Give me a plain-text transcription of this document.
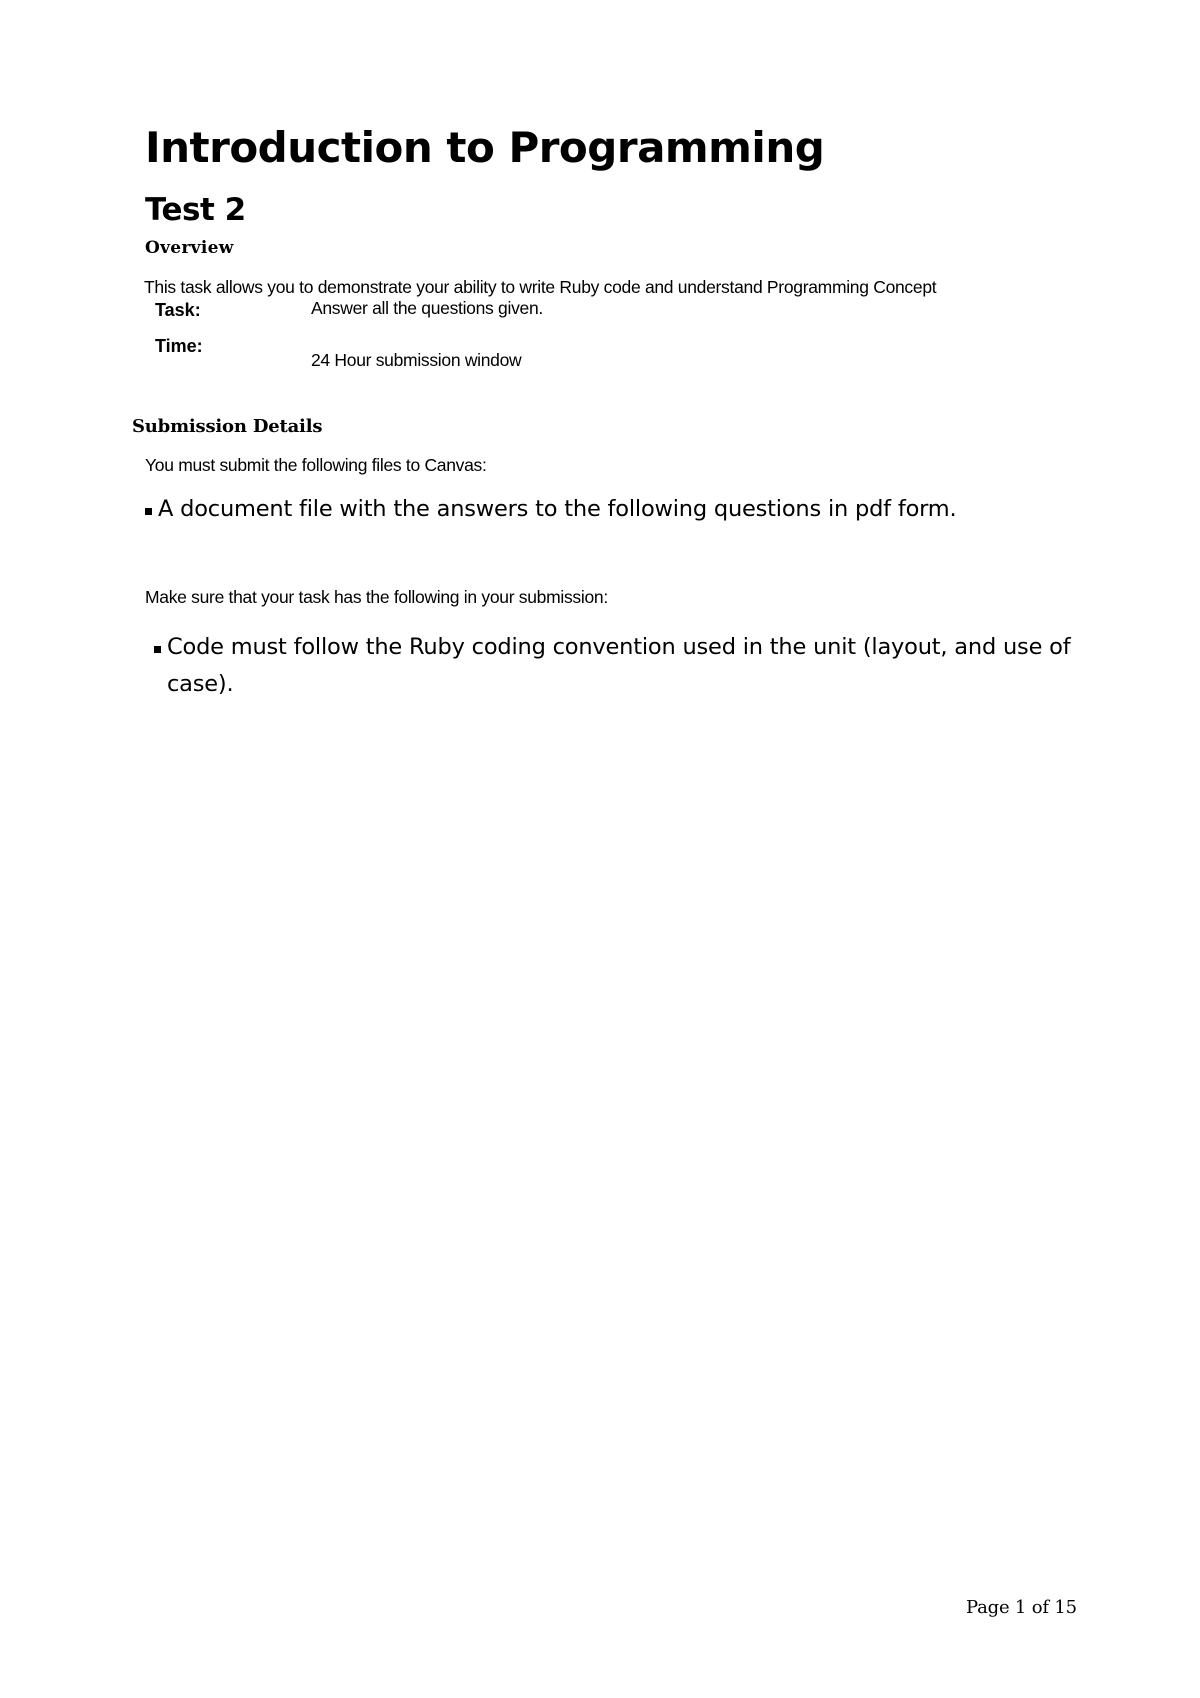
Introduction to Programming
Test 2
Overview

This task allows you to demonstrate your ability to write Ruby code and understand Programming Concept

Task:	Answer all the questions given.
Time:
24 Hour submission window
Submission Details

You must submit the following files to Canvas:

A document file with the answers to the following questions in pdf form.

Make sure that your task has the following in your submission:

Code must follow the Ruby coding convention used in the unit (layout, and use of case).

Page 1 of 15
